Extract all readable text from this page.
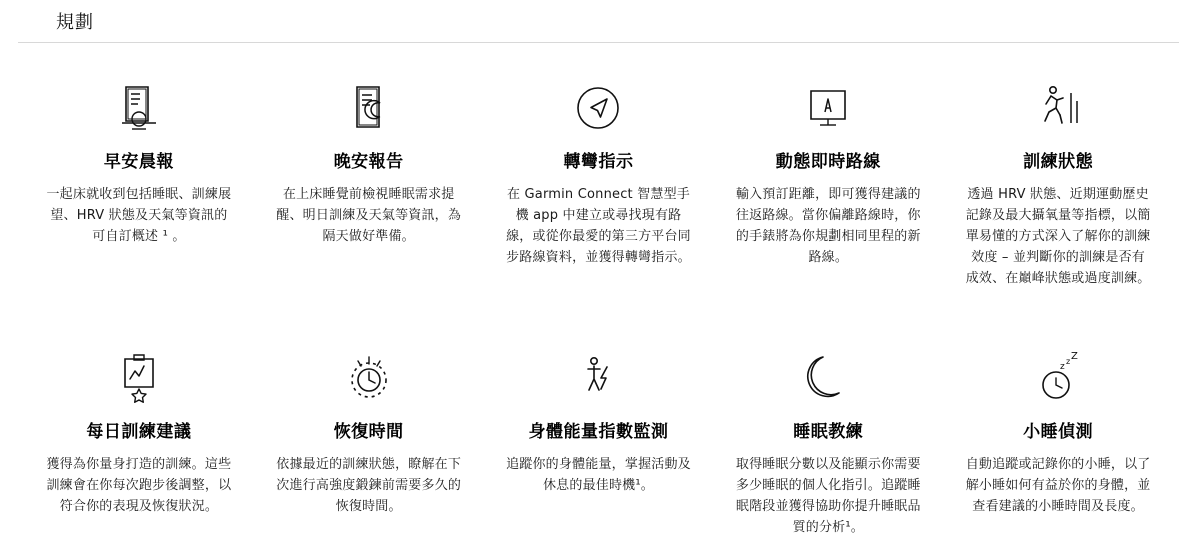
規劃
早安晨報
一起床就收到包括睡眠、訓練展望、HRV 狀態及天氣等資訊的可自訂概述 ¹ 。
晚安報告
在上床睡覺前檢視睡眠需求提醒、明日訓練及天氣等資訊，為隔天做好準備。
轉彎指示
在 Garmin Connect 智慧型手機 app 中建立或尋找現有路線，或從你最愛的第三方平台同步路線資料，並獲得轉彎指示。
動態即時路線
輸入預訂距離，即可獲得建議的往返路線。當你偏離路線時，你的手錶將為你規劃相同里程的新路線。
訓練狀態
透過 HRV 狀態、近期運動歷史記錄及最大攝氧量等指標，以簡單易懂的方式深入了解你的訓練效度 – 並判斷你的訓練是否有成效、在巔峰狀態或過度訓練。
每日訓練建議
獲得為你量身打造的訓練。這些訓練會在你每次跑步後調整，以符合你的表現及恢復狀況。
恢復時間
依據最近的訓練狀態，瞭解在下次進行高強度鍛鍊前需要多久的恢復時間。
身體能量指數監測
追蹤你的身體能量，掌握活動及休息的最佳時機¹。
睡眠教練
取得睡眠分數以及能顯示你需要多少睡眠的個人化指引。追蹤睡眠階段並獲得協助你提升睡眠品質的分析¹。
z
z Z
小睡偵測
自動追蹤或記錄你的小睡，以了解小睡如何有益於你的身體，並查看建議的小睡時間及長度。
